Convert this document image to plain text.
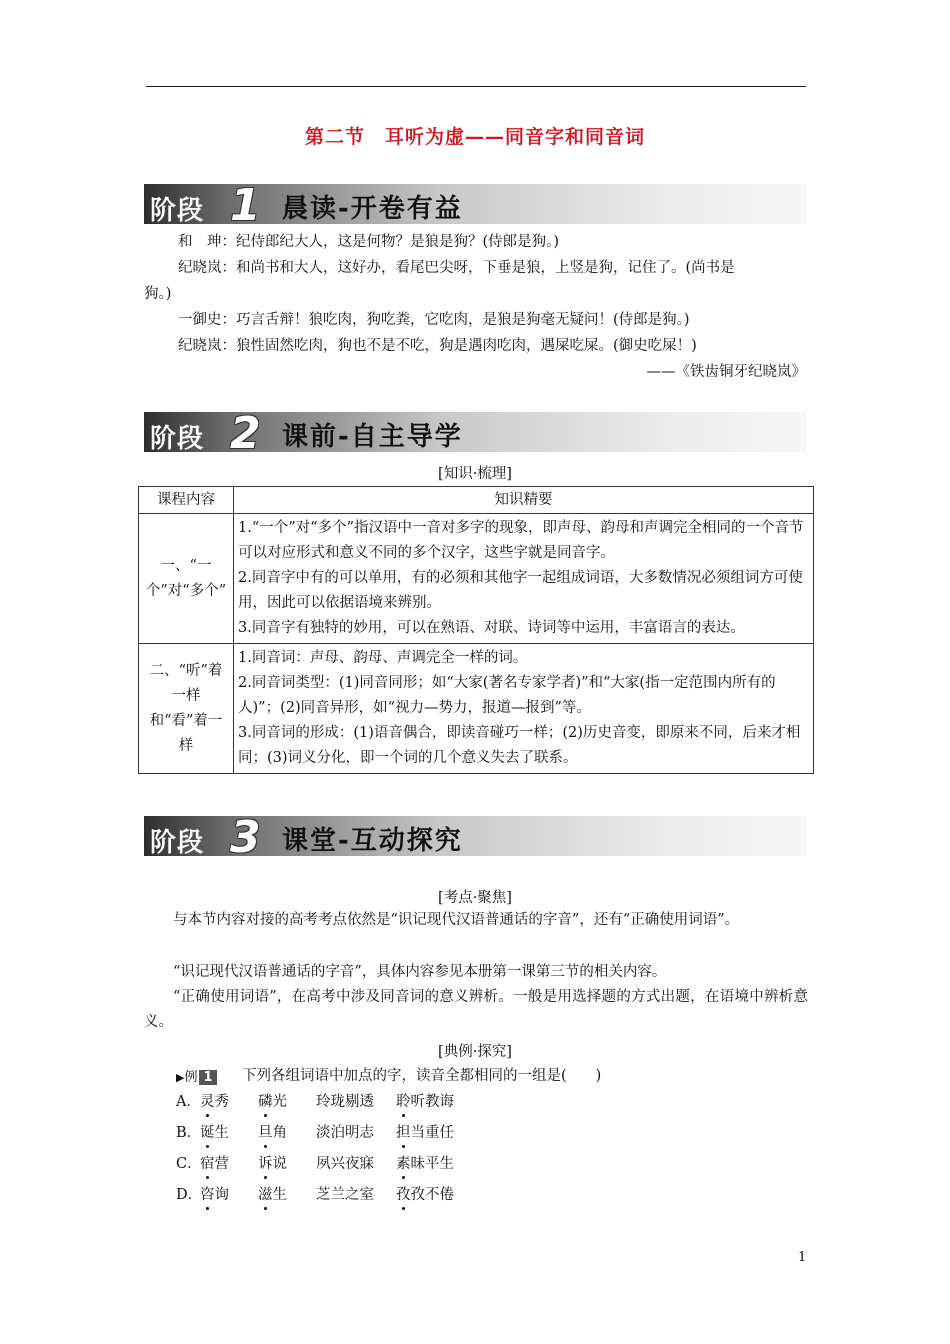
第二节　耳听为虚——同音字和同音词
阶段 1 晨读-开卷有益
和　珅：纪侍郎纪大人，这是何物？是狼是狗？(侍郎是狗。)
纪晓岚：和尚书和大人，这好办，看尾巴尖呀，下垂是狼，上竖是狗，记住了。(尚书是
狗。)
一御史：巧言舌辩！狼吃肉，狗吃粪，它吃肉，是狼是狗毫无疑问！(侍郎是狗。)
纪晓岚：狼性固然吃肉，狗也不是不吃，狗是遇肉吃肉，遇屎吃屎。(御史吃屎！)
——《铁齿铜牙纪晓岚》
阶段 2 课前-自主导学
[知识·梳理]
课程内容	知识精要
一、“一个”对“多个”	1.“一个”对“多个”指汉语中一音对多字的现象，即声母、韵母和声调完全相同的一个音节可以对应形式和意义不同的多个汉字，这些字就是同音字。
2.同音字中有的可以单用，有的必须和其他字一起组成词语，大多数情况必须组词方可使用，因此可以依据语境来辨别。
3.同音字有独特的妙用，可以在熟语、对联、诗词等中运用，丰富语言的表达。

二、“听”着一样和“看”着一样	1.同音词：声母、韵母、声调完全一样的词。
2.同音词类型：(1)同音同形；如“大家(著名专家学者)”和“大家(指一定范围内所有的人)”；(2)同音异形，如“视力—势力，报道—报到”等。
3.同音词的形成：(1)语音偶合，即读音碰巧一样；(2)历史音变，即原来不同，后来才相同；(3)词义分化，即一个词的几个意义失去了联系。
阶段 3 课堂-互动探究
[考点·聚焦]
与本节内容对接的高考考点依然是“识记现代汉语普通话的字音”，还有“正确使用词语”。
“识记现代汉语普通话的字音”，具体内容参见本册第一课第三节的相关内容。
“正确使用词语”，在高考中涉及同音词的意义辨析。一般是用选择题的方式出题，在语境中辨析意义。
[典例·探究]
▶例 1 下列各组词语中加点的字，读音全都相同的一组是(　　)
A． 灵秀 磷光 玲珑剔透 聆听教诲
B．
诞生 旦角 淡泊明志 担当重任
C．
宿营 诉说 夙兴夜寐 素昧平生
D．
咨询 滋生 芝兰之室 孜孜不倦
1
